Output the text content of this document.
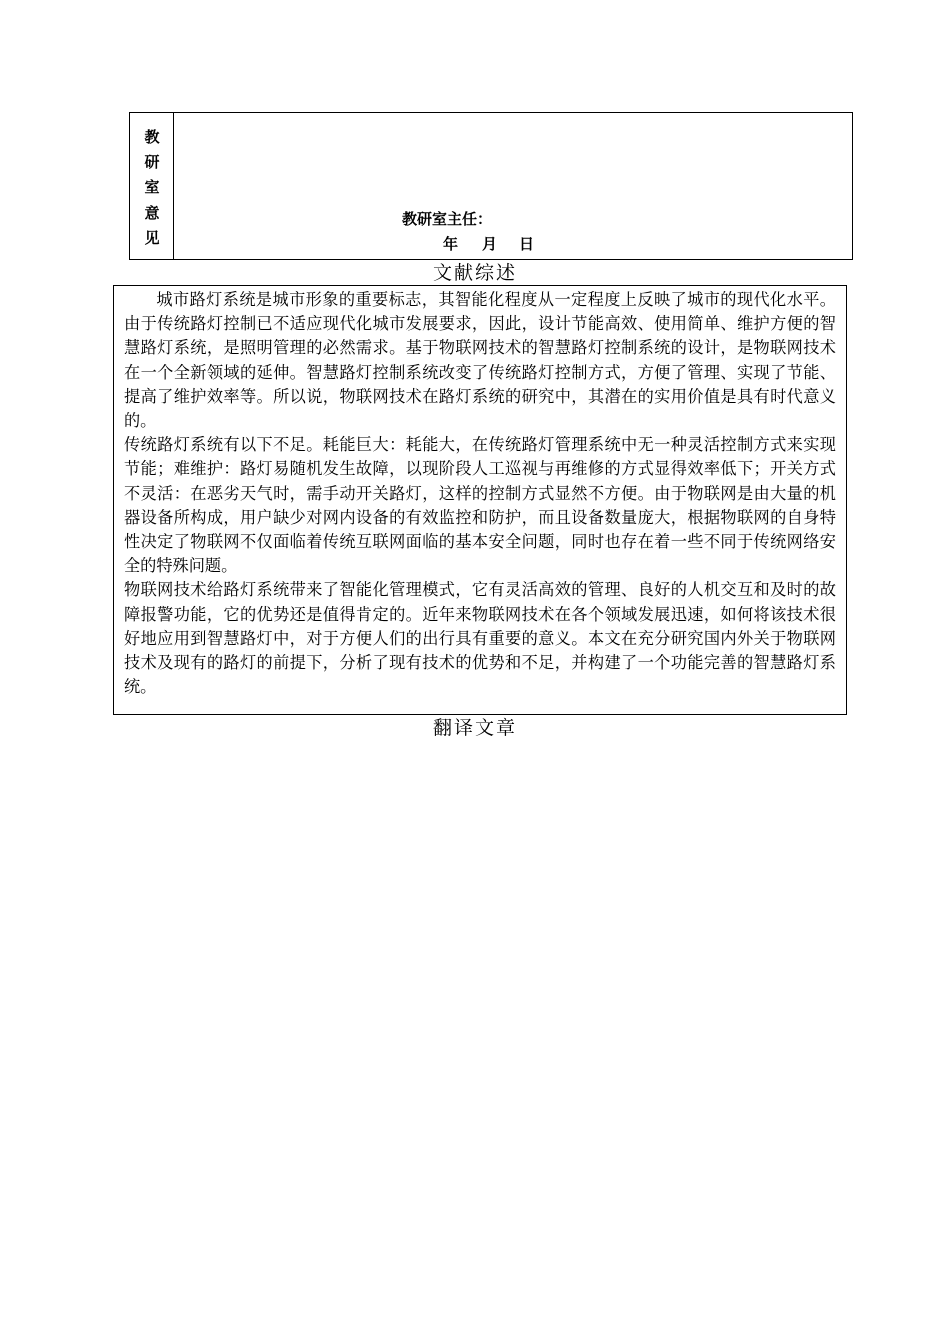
教
研
室
意
见
教研室主任：
年 月 日
文献综述

城市路灯系统是城市形象的重要标志，其智能化程度从一定程度上反映了城市的现代化水平。由于传统路灯控制已不适应现代化城市发展要求，因此，设计节能高效、使用简单、维护方便的智慧路灯系统，是照明管理的必然需求。基于物联网技术的智慧路灯控制系统的设计，是物联网技术在一个全新领域的延伸。智慧路灯控制系统改变了传统路灯控制方式，方便了管理、实现了节能、提高了维护效率等。所以说，物联网技术在路灯系统的研究中，其潜在的实用价值是具有时代意义的。

传统路灯系统有以下不足。耗能巨大：耗能大，在传统路灯管理系统中无一种灵活控制方式来实现节能；难维护：路灯易随机发生故障，以现阶段人工巡视与再维修的方式显得效率低下；开关方式不灵活：在恶劣天气时，需手动开关路灯，这样的控制方式显然不方便。由于物联网是由大量的机器设备所构成，用户缺少对网内设备的有效监控和防护，而且设备数量庞大，根据物联网的自身特性决定了物联网不仅面临着传统互联网面临的基本安全问题，同时也存在着一些不同于传统网络安全的特殊问题。

物联网技术给路灯系统带来了智能化管理模式，它有灵活高效的管理、良好的人机交互和及时的故障报警功能，它的优势还是值得肯定的。近年来物联网技术在各个领域发展迅速，如何将该技术很好地应用到智慧路灯中，对于方便人们的出行具有重要的意义。本文在充分研究国内外关于物联网技术及现有的路灯的前提下，分析了现有技术的优势和不足，并构建了一个功能完善的智慧路灯系统。

翻译文章
